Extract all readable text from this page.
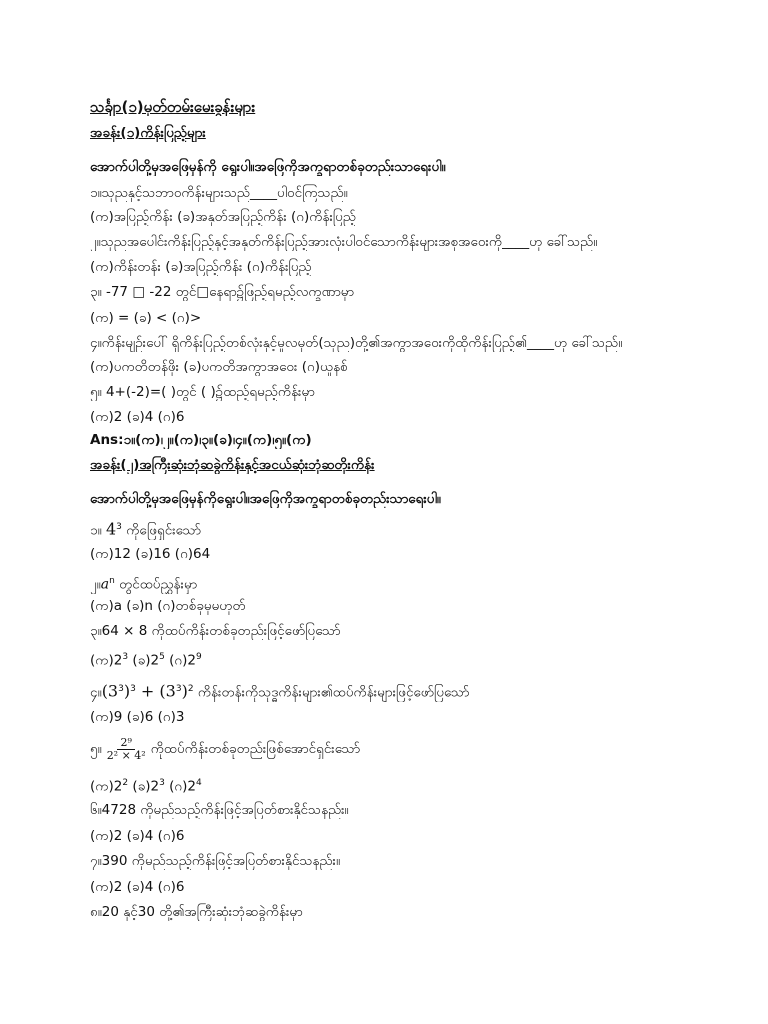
သင်္ချာ(၁)မှတ်တမ်းမေးခွန်းများ
အခန်း(၁)ကိန်းပြည့်များ
အောက်ပါတို့မှအဖြေမှန်ကို ရွေးပါ။အဖြေကိုအက္ခရာတစ်ခုတည်းသာရေးပါ။
၁။သုညနှင့်သဘာဝကိန်းများသည်____ပါဝင်ကြသည်။
(က)အပြည့်ကိန်း (ခ)အနုတ်အပြည့်ကိန်း (ဂ)ကိန်းပြည့်
၂။သုညအပေါင်းကိန်းပြည့်နှင့်အနုတ်ကိန်းပြည့်အားလုံးပါဝင်သောကိန်းများအစုအဝေးကို____ဟု ခေါ်သည်။
(က)ကိန်းတန်း (ခ)အပြည့်ကိန်း (ဂ)ကိန်းပြည့်
၃။ -77 □ -22 တွင်□နေရာ၌ဖြည့်ရမည့်လက္ခဏာမှာ
(က) = (ခ) < (ဂ)>
၄။ကိန်းမျဉ်းပေါ် ရှိကိန်းပြည့်တစ်လုံးနှင့်မူလမှတ်(သုည)တို့၏အကွာအဝေးကိုထိုကိန်းပြည့်၏____ဟု ခေါ်သည်။
(က)ပကတိတန်ဖိုး (ခ)ပကတိအကွာအဝေး (ဂ)ယူနစ်
၅။ 4+(-2)=( )တွင် ( )၌ထည့်ရမည့်ကိန်းမှာ
(က)2 (ခ)4 (ဂ)6
Ans:၁။(က)၊၂။(က)၊၃။(ခ)၊၄။(က)၊၅။(က)
အခန်း(၂)အကြီးဆုံးဘုံဆခွဲကိန်းနှင့်အငယ်ဆုံးဘုံဆတိုးကိန်း
အောက်ပါတို့မှအဖြေမှန်ကိုရွေးပါ။အဖြေကိုအက္ခရာတစ်ခုတည်းသာရေးပါ။
၁။ $4^3$ ကိုဖြေရှင်းသော်
(က)12 (ခ)16 (ဂ)64
၂။$a^n$ တွင်ထပ်ညွှန်းမှာ
(က)a (ခ)n (ဂ)တစ်ခုမှမဟုတ်
၃။64 × 8 ကိုထပ်ကိန်းတစ်ခုတည်းဖြင့်ဖော်ပြသော်
(က)$2^3$ (ခ)$2^5$ (ဂ)$2^9$
၄။$(3^3)^3 + (3^3)^2$ ကိန်းတန်းကိုသုဒ္ဓကိန်းများ၏ထပ်ကိန်းများဖြင့်ဖော်ပြသော်
(က)9 (ခ)6 (ဂ)3
၅။ $\frac{\text{2⁹}}{\text{2² × 4²}}$ ကိုထပ်ကိန်းတစ်ခုတည်းဖြစ်အောင်ရှင်းသော်
(က)$2^2$ (ခ)$2^3$ (ဂ)$2^4$
၆။4728 ကိုမည်သည့်ကိန်းဖြင့်အပြတ်စားနိုင်သနည်း။
(က)2 (ခ)4 (ဂ)6
၇။390 ကိုမည်သည့်ကိန်းဖြင့်အပြတ်စားနိုင်သနည်း။
(က)2 (ခ)4 (ဂ)6
၈။20 နှင့်30 တို့၏အကြီးဆုံးဘုံဆခွဲကိန်းမှာ
